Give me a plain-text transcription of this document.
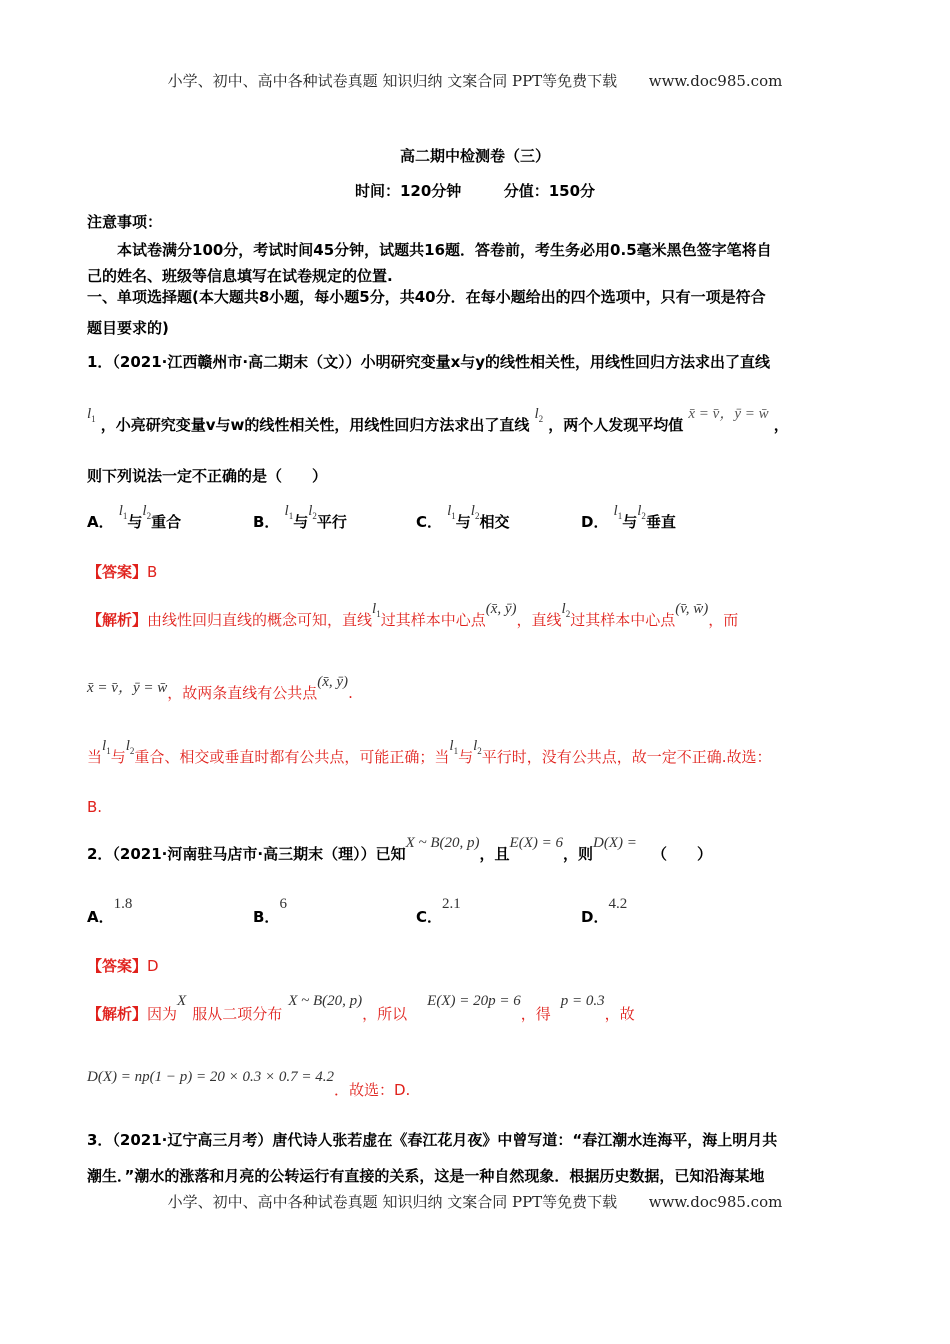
小学、初中、高中各种试卷真题 知识归纳 文案合同 PPT等免费下载 www.doc985.com
高二期中检测卷（三）
时间：120分钟	分值：150分
注意事项：
本试卷满分100分，考试时间45分钟，试题共16题．答卷前，考生务必用0.5毫米黑色签字笔将自
己的姓名、班级等信息填写在试卷规定的位置.
一、单项选择题(本大题共8小题，每小题5分，共40分．在每小题给出的四个选项中，只有一项是符合
题目要求的)
1．（2021·江西赣州市·高二期末（文））小明研究变量x与y的线性相关性，用线性回归方法求出了直线
$l_1$ ，小亮研究变量v与w的线性相关性，用线性回归方法求出了直线 $l_2$ ，两个人发现平均值 x̄ = v̄，ȳ = w̄ ，
则下列说法一定不正确的是（　　）
A． $l_1$与$l_2$重合	B． $l_1$与$l_2$平行	C． $l_1$与$l_2$相交	D． $l_1$与$l_2$垂直
【答案】B
【解析】由线性回归直线的概念可知，直线$l_1$过其样本中心点(x̄, ȳ)，直线$l_2$过其样本中心点(v̄, w̄)，而
x̄ = v̄，ȳ = w̄，故两条直线有公共点(x̄, ȳ).
当$l_1$与$l_2$重合、相交或垂直时都有公共点，可能正确；当$l_1$与$l_2$平行时，没有公共点，故一定不正确.故选：
B.
2．（2021·河南驻马店市·高三期末（理））已知X ~ B(20, p)，且E(X) = 6，则D(X) = （　　）
A．1.8
B．6
C．2.1
D．4.2
【答案】D
【解析】因为X服从二项分布X ~ B(20, p)，所以E(X) = 20p = 6，得p = 0.3，故
D(X) = np(1 − p) = 20 × 0.3 × 0.7 = 4.2．故选：D.
3．（2021·辽宁高三月考）唐代诗人张若虚在《春江花月夜》中曾写道：“春江潮水连海平，海上明月共
潮生．”潮水的涨落和月亮的公转运行有直接的关系，这是一种自然现象．根据历史数据，已知沿海某地
小学、初中、高中各种试卷真题 知识归纳 文案合同 PPT等免费下载 www.doc985.com
